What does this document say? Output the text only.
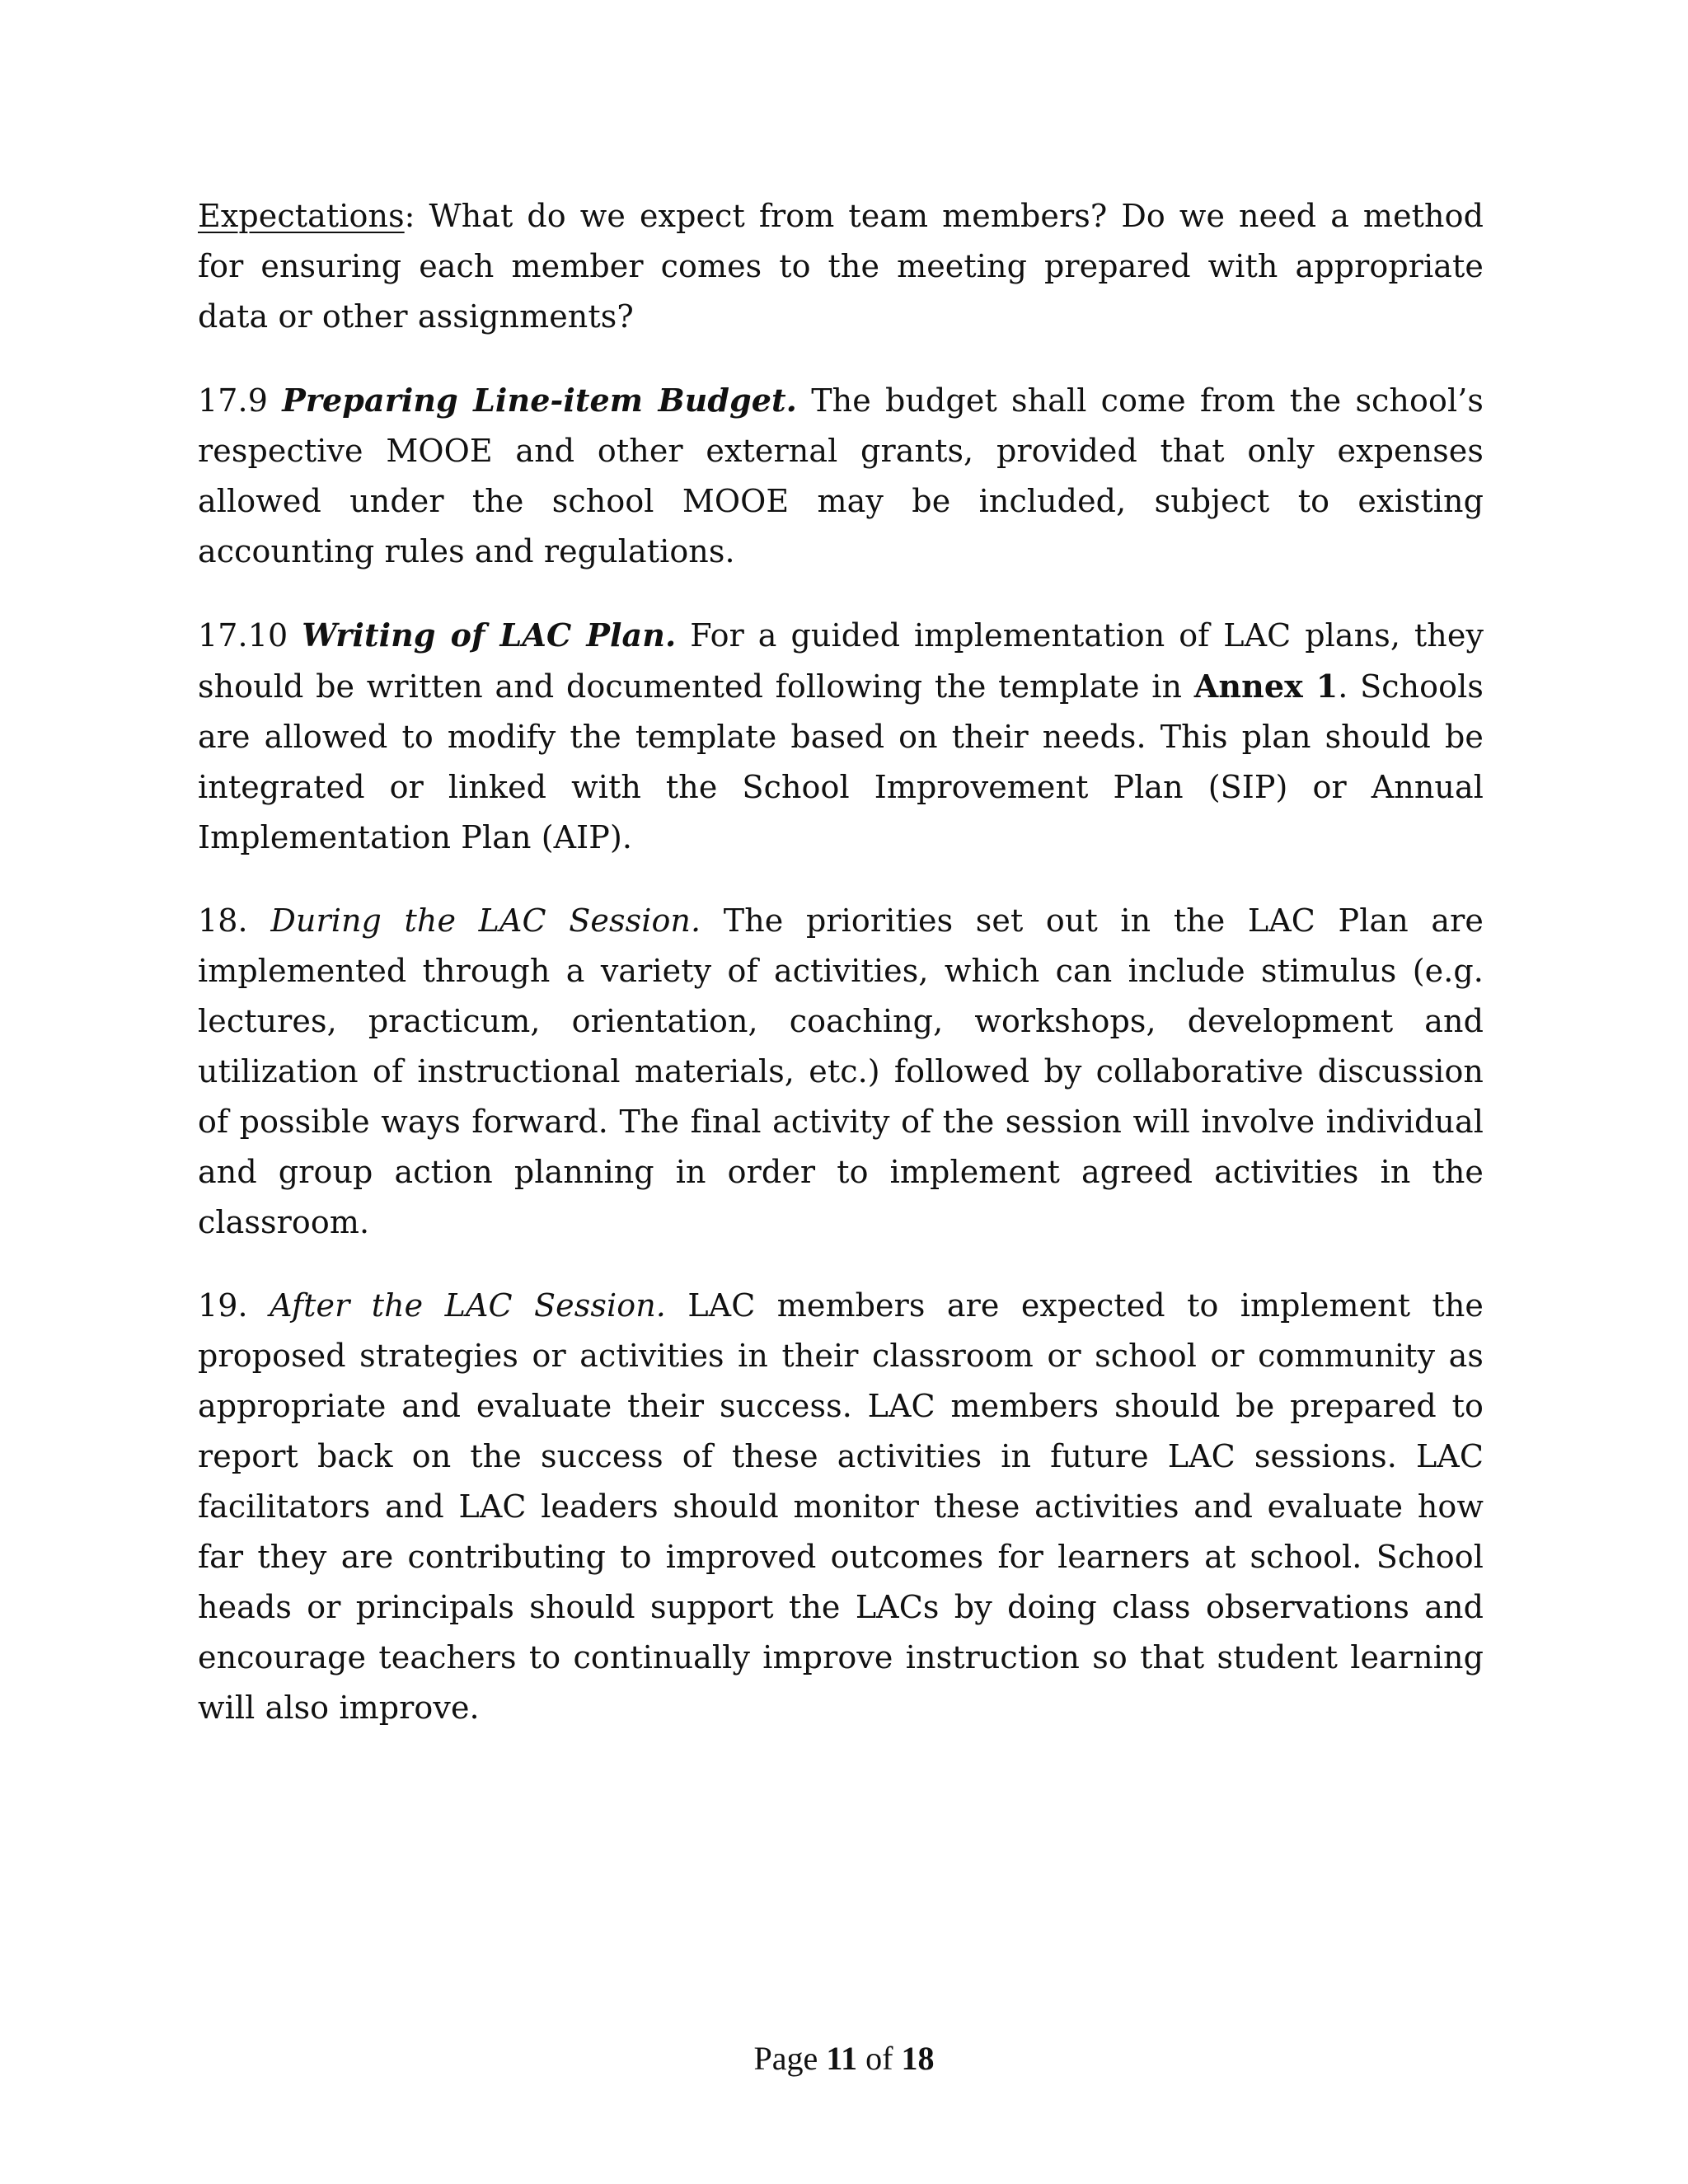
Expectations: What do we expect from team members? Do we need a method for ensuring each member comes to the meeting prepared with appropriate data or other assignments?

17.9 Preparing Line-item Budget. The budget shall come from the school’s respective MOOE and other external grants, provided that only expenses allowed under the school MOOE may be included, subject to existing accounting rules and regulations.

17.10 Writing of LAC Plan. For a guided implementation of LAC plans, they should be written and documented following the template in Annex 1. Schools are allowed to modify the template based on their needs. This plan should be integrated or linked with the School Improvement Plan (SIP) or Annual Implementation Plan (AIP).

18. During the LAC Session. The priorities set out in the LAC Plan are implemented through a variety of activities, which can include stimulus (e.g. lectures, practicum, orientation, coaching, workshops, development and utilization of instructional materials, etc.) followed by collaborative discussion of possible ways forward. The final activity of the session will involve individual and group action planning in order to implement agreed activities in the classroom.

19. After the LAC Session. LAC members are expected to implement the proposed strategies or activities in their classroom or school or community as appropriate and evaluate their success. LAC members should be prepared to report back on the success of these activities in future LAC sessions. LAC facilitators and LAC leaders should monitor these activities and evaluate how far they are contributing to improved outcomes for learners at school. School heads or principals should support the LACs by doing class observations and encourage teachers to continually improve instruction so that student learning will also improve.

Page 11 of 18
